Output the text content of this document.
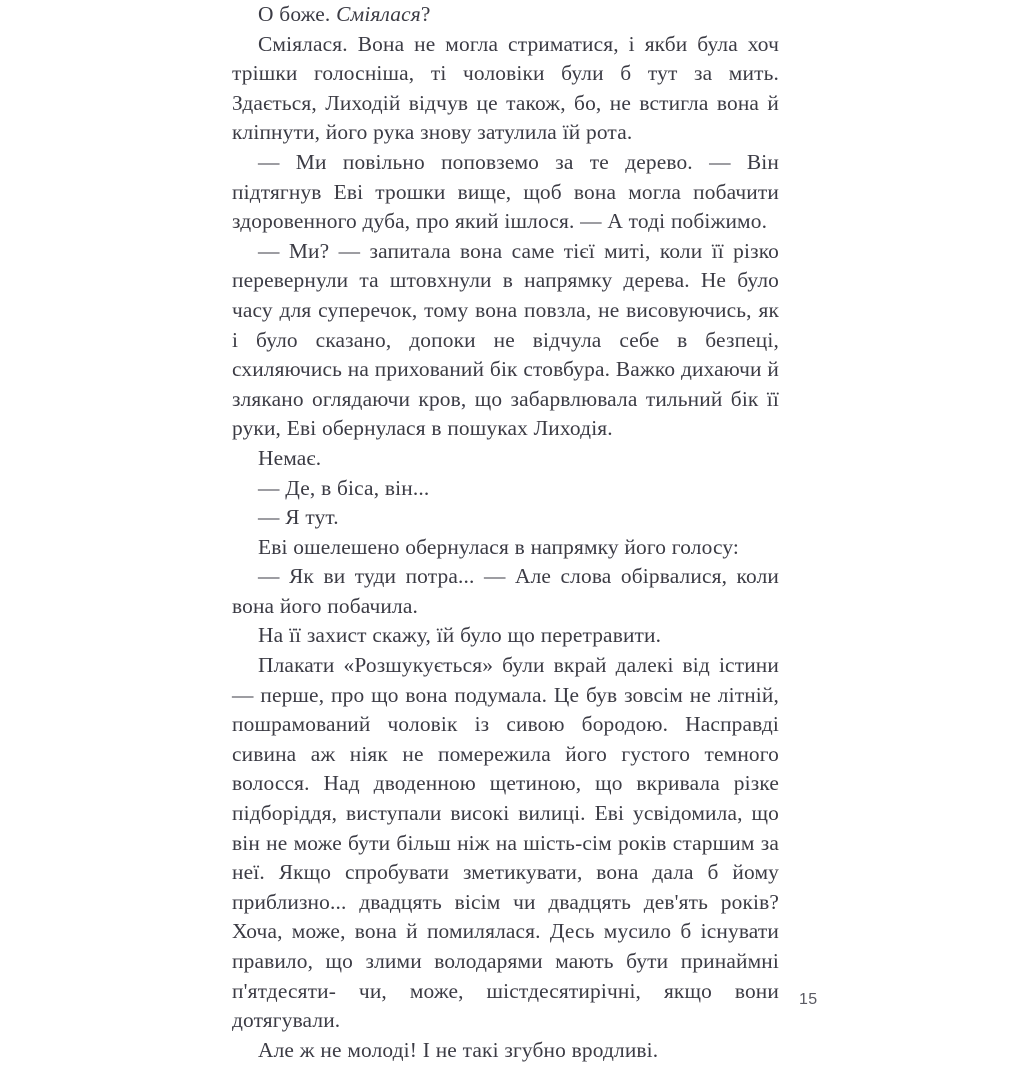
О боже. Сміялася?

Сміялася. Вона не могла стриматися, і якби була хоч трішки голосніша, ті чоловіки були б тут за мить. Здається, Лиходій відчув це також, бо, не встигла вона й кліпнути, його рука знову затулила їй рота.

— Ми повільно поповземо за те дерево. — Він підтягнув Еві трошки вище, щоб вона могла побачити здоровенного дуба, про який ішлося. — А тоді побіжимо.

— Ми? — запитала вона саме тієї миті, коли її різко перевернули та штовхнули в напрямку дерева. Не було часу для суперечок, тому вона повзла, не висовуючись, як і було сказано, допоки не відчула себе в безпеці, схиляючись на прихований бік стовбура. Важко дихаючи й злякано оглядаючи кров, що забарвлювала тильний бік її руки, Еві обернулася в пошуках Лиходія.

Немає.

— Де, в біса, він...

— Я тут.

Еві ошелешено обернулася в напрямку його голосу:

— Як ви туди потра... — Але слова обірвалися, коли вона його побачила.

На її захист скажу, їй було що перетравити.

Плакати «Розшукується» були вкрай далекі від істини — перше, про що вона подумала. Це був зовсім не літній, пошрамований чоловік із сивою бородою. Насправді сивина аж ніяк не помережила його густого темного волосся. Над дводенною щетиною, що вкривала різке підборіддя, виступали високі вилиці. Еві усвідомила, що він не може бути більш ніж на шість-сім років старшим за неї. Якщо спробувати зметикувати, вона дала б йому приблизно... двадцять вісім чи двадцять дев'ять років? Хоча, може, вона й помилялася. Десь мусило б існувати правило, що злими володарями мають бути принаймні п'ятдесяти- чи, може, шістдесятирічні, якщо вони дотягували.

Але ж не молоді! І не такі згубно вродливі.

15
